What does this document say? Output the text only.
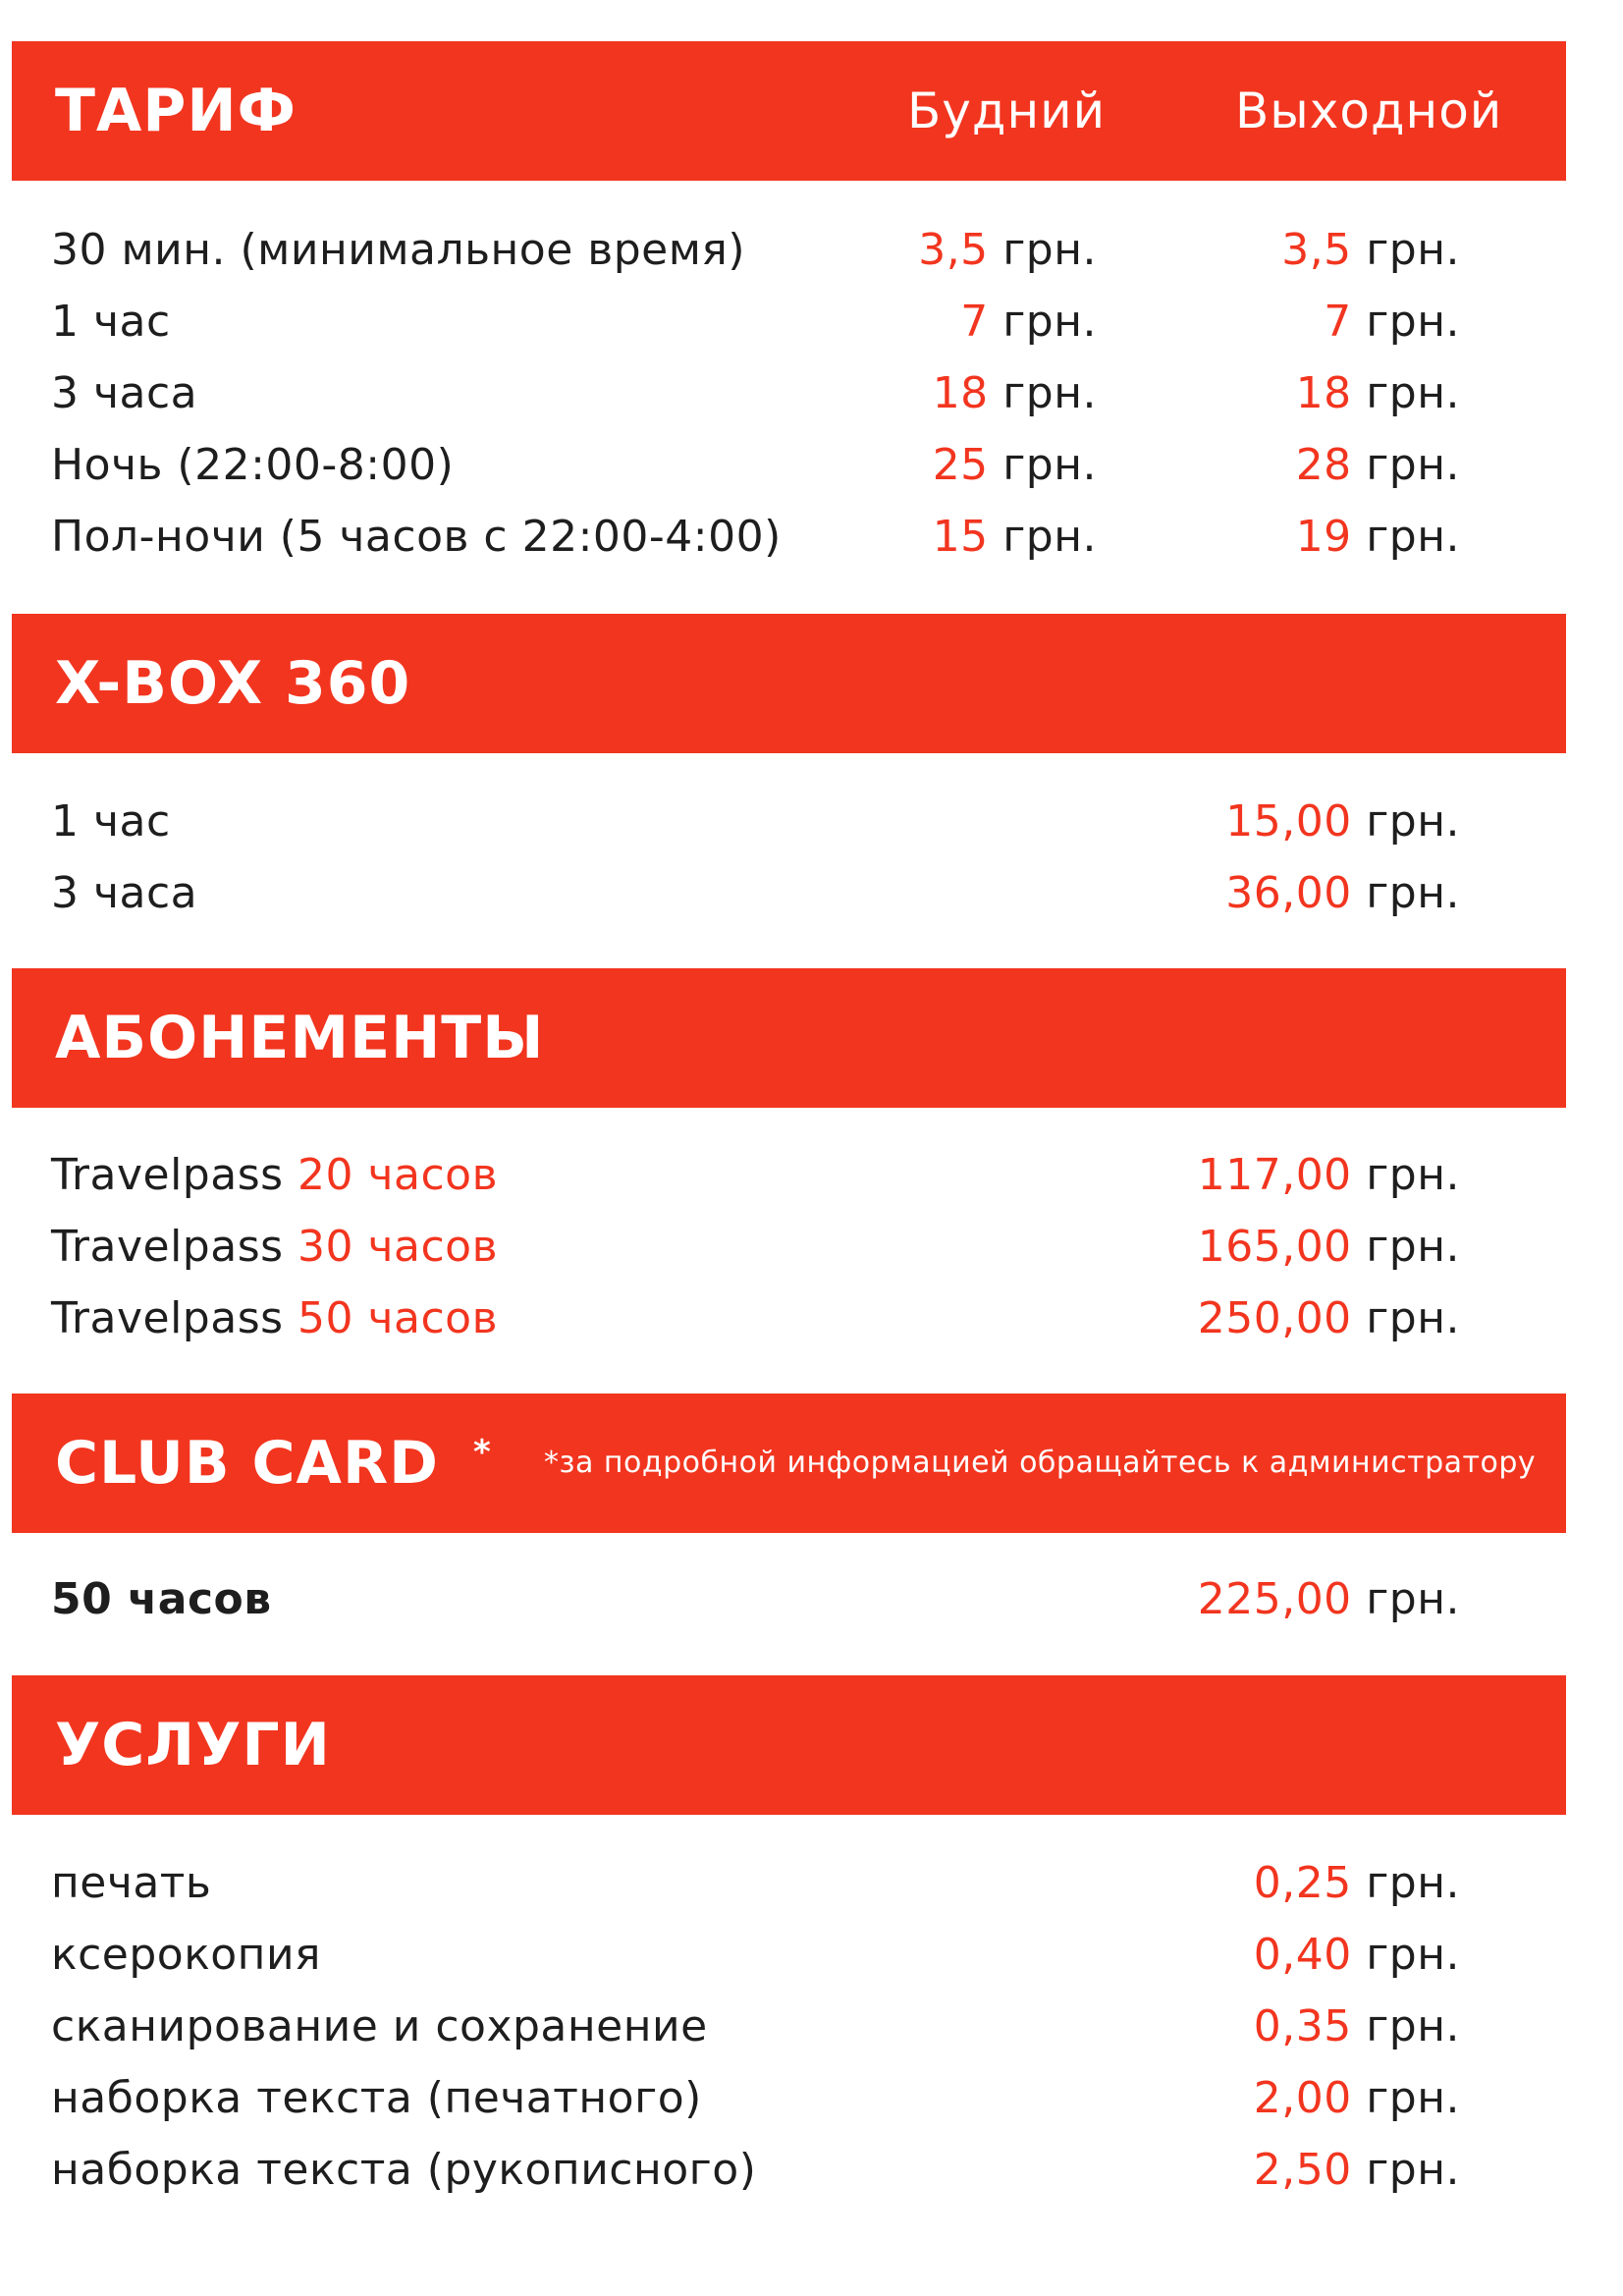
ТАРИФ	Будний	Выходной
30 мин. (минимальное время)	3,5 грн.	3,5 грн.
1 час	7 грн.	7 грн.
3 часа	18 грн.	18 грн.
Ночь (22:00-8:00)	25 грн.	28 грн.
Пол-ночи (5 часов с 22:00-4:00)	15 грн.	19 грн.
X-BOX 360
1 час	15,00 грн.
3 часа	36,00 грн.
АБОНЕМЕНТЫ
Travelpass 20 часов	117,00 грн.
Travelpass 30 часов	165,00 грн.
Travelpass 50 часов	250,00 грн.
CLUB CARD * *за подробной информацией обращайтесь к администратору
50 часов	225,00 грн.
УСЛУГИ
печать	0,25 грн.
ксерокопия	0,40 грн.
сканирование и сохранение	0,35 грн.
наборка текста (печатного)	2,00 грн.
наборка текста (рукописного)	2,50 грн.
